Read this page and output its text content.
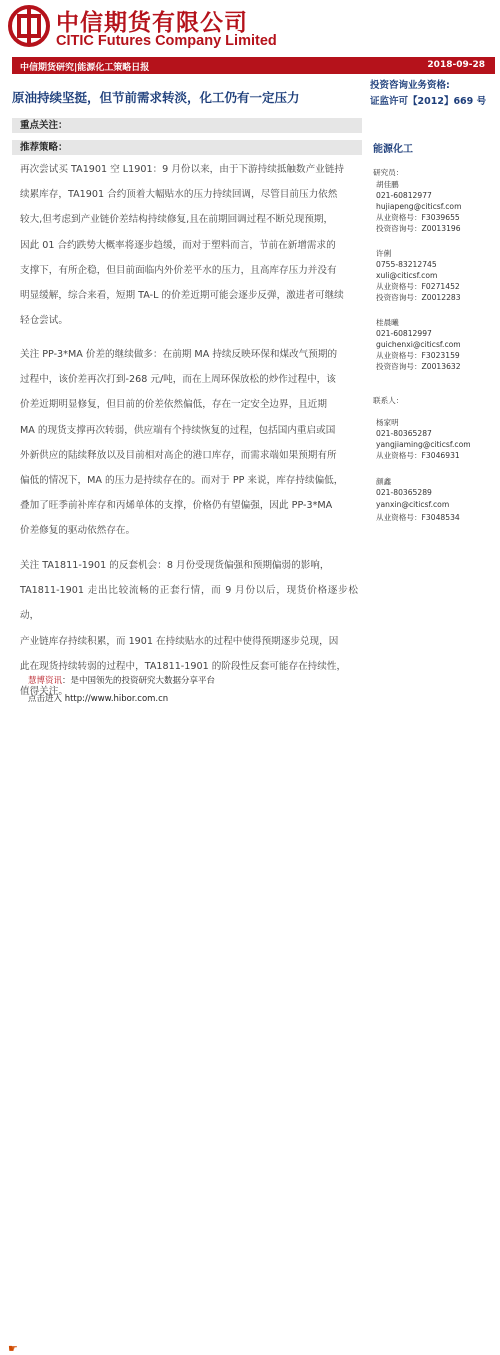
中信期货有限公司
CITIC Futures Company Limited
中信期货研究|能源化工策略日报	2018-09-28
原油持续坚挺，但节前需求转淡，化工仍有一定压力
重点关注：
推荐策略：
再次尝试买 TA1901 空 L1901：9 月份以来，由于下游持续抵触数产业链持
续累库存，TA1901 合约顶着大幅贴水的压力持续回调，尽管目前压力依然
较大,但考虑到产业链价差结构持续修复,且在前期回调过程不断兑现预期，
因此 01 合约跌势大概率将逐步趋缓，而对于塑料而言，节前在新增需求的
支撑下，有所企稳，但目前面临内外价差平水的压力，且高库存压力并没有
明显缓解，综合来看，短期 TA-L 的价差近期可能会逐步反弹，激进者可继续
轻仓尝试。
关注 PP-3*MA 价差的继续做多：在前期 MA 持续反映环保和煤改气预期的
过程中，该价差再次打到-268 元/吨，而在上周环保放松的炒作过程中，该
价差近期明显修复，但目前的价差依然偏低，存在一定安全边界，且近期
MA 的现货支撑再次转弱，供应端有个持续恢复的过程，包括国内重启或国
外新供应的陆续释放以及目前相对高企的港口库存，而需求端如果预期有所
偏低的情况下，MA 的压力是持续存在的。而对于 PP 来说，库存持续偏低，
叠加了旺季前补库存和丙烯单体的支撑，价格仍有望偏强，因此 PP-3*MA
价差修复的驱动依然存在。
关注 TA1811-1901 的反套机会：8 月份受现货偏强和预期偏弱的影响，
TA1811-1901 走出比较流畅的正套行情，而 9 月份以后，现货价格逐步松动，
产业链库存持续积累，而 1901 在持续贴水的过程中使得预期逐步兑现，因
此在现货持续转弱的过程中，TA1811-1901 的阶段性反套可能存在持续性，
值得关注。
投资咨询业务资格:
证监许可【2012】669 号
能源化工
研究员：
胡佳鹏
021-60812977
hujiapeng@citicsf.com
从业资格号：F3039655
投资咨询号：Z0013196
许俐
0755-83212745
xuli@citicsf.com
从业资格号：F0271452
投资咨询号：Z0012283
桂晨曦
021-60812997
guichenxi@citicsf.com
从业资格号：F3023159
投资咨询号：Z0013632
联系人：
杨家明
021-80365287
yangjiaming@citicsf.com
从业资格号：F3046931
颜鑫
021-80365289
yanxin@citicsf.com
从业资格号：F3048534
☛
慧博资讯：是中国领先的投资研究大数据分享平台
点击进入 http://www.hibor.com.cn
